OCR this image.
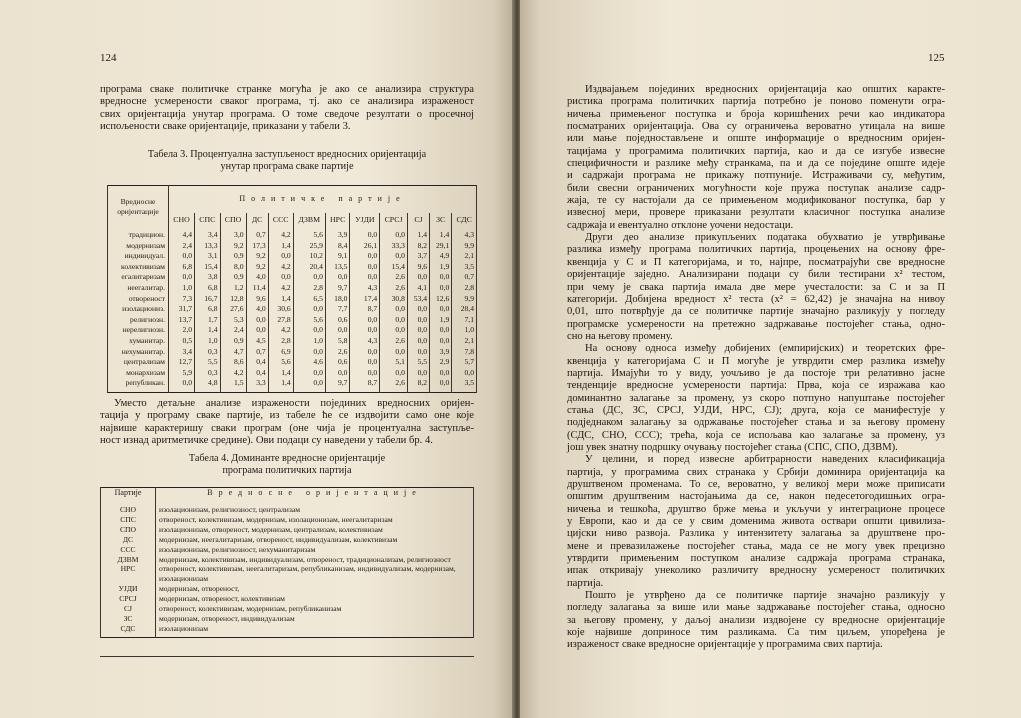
124
програма сваке политичке странке могућа је ако се анализира структура
вредносне усмерености сваког програма, тј. ако се анализира израженост
свих оријентација унутар програма. О томе сведоче резултати о просечној
испољености сваке оријентације, приказани у табели 3.
Табела 3. Процентуална заступљеност вредносних оријентација
унутар програма сваке партије
Вредносне
оријентације	Политичке партије											
	СНО	СПС	СПО	ДС	ССС	ДЗВМ	НРС	УЈДИ	СРСЈ	СЈ	ЗС	СДС
традицион.	4,4	3,4	3,0	0,7	4,2	5,6	3,9	0,0	0,0	1,4	1,4	4,3
модернизам	2,4	13,3	9,2	17,3	1,4	25,9	8,4	26,1	33,3	8,2	29,1	9,9
индивидуал.	0,0	3,1	0,9	9,2	0,0	10,2	9,1	0,0	0,0	3,7	4,9	2,1
колективизам	6,8	15,4	8,0	9,2	4,2	20,4	13,5	0,0	15,4	9,6	1,9	3,5
егалитаризам	0,0	3,8	0,9	4,0	0,0	0,0	0,0	0,0	2,6	0,0	0,0	0,7
неегалитар.	1,0	6,8	1,2	11,4	4,2	2,8	9,7	4,3	2,6	4,1	0,0	2,8
отвореност	7,3	16,7	12,8	9,6	1,4	6,5	18,0	17,4	30,8	53,4	12,6	9,9
изолациониз.	31,7	6,8	27,6	4,0	30,6	0,0	7,7	8,7	0,0	0,0	0,0	28,4
религиозн.	13,7	1,7	5,3	0,0	27,8	5,6	0,6	0,0	0,0	0,0	1,9	7,1
нерелигиозн.	2,0	1,4	2,4	0,0	4,2	0,0	0,0	0,0	0,0	0,0	0,0	1,0
хуманитар.	0,5	1,0	0,9	4,5	2,8	1,0	5,8	4,3	2,6	0,0	0,0	2,1
нехуманитар.	3,4	0,3	4,7	0,7	6,9	0,0	2,6	0,0	0,0	0,0	3,9	7,8
централизам	12,7	5,5	8,6	0,4	5,6	4,6	0,6	0,0	5,1	5,5	2,9	5,7
монархизам	5,9	0,3	4,2	0,4	1,4	0,0	0,0	0,0	0,0	0,0	0,0	0,0
републикан.	0,0	4,8	1,5	3,3	1,4	0,0	9,7	8,7	2,6	8,2	0,0	3,5
Уместо детаљне анализе изражености појединих вредносних оријен-
тација у програму сваке партије, из табеле ће се издвојити само оне које
највише карактеришу сваки програм (оне чија је процентуална заступље-
ност изнад аритметичке средине). Ови подаци су наведени у табели бр. 4.
Табела 4. Доминанте вредносне оријентације
програма политичких партија
Партије	Вредносне оријентације
СНО	изолационизам, религиозност, централизам
СПС	отвореност, колективизам, модернизам, изолационизам, неегалитаризам
СПО	изолационизам, отвореност, модернизам, централизам, колективизам
ДС	модернизам, неегалитаризам, отвореност, индивидуализам, колективизам
ССС	изолационизам, религиозност, нехуманитаризам
ДЗВМ	модернизам, колективизам, индивидуализам, отвореност, традиционализам, религиозност
НРС	отвореност, колективизам, неегалитаризам, републиканизам, индивидуализам, модернизам, изолационизам
УЈДИ	модернизам, отвореност,
СРСЈ	модернизам, отвореност, колективизам
СЈ	отвореност, колективизам, модернизам, републиканизам
ЗС	модернизам, отвореност, индивидуализам
СДС	изолационизам
125
Издвајањем појединих вредносних оријентација као општих каракте-
ристика програма политичких партија потребно је поново поменути огра-
ничења примењеног поступка и броја коришћених речи као индикатора
посматраних оријентација. Ова су ограничења вероватно утицала на више
или мање поједностављене и опште информације о вредносним оријен-
тацијама у програмима политичких партија, као и да се изгубе извесне
специфичности и разлике међу странкама, па и да се поједине опште идеје
и садржаји програма не прикажу потпуније. Истраживачи су, међутим,
били свесни ограничених могућности које пружа поступак анализе садр-
жаја, те су настојали да се примењеном модификованог поступка, бар у
извесној мери, провере приказани резултати класичног поступка анализе
садржаја и евентуално отклоне уочени недостаци.
Други део анализе прикупљених података обухватио је утврђивање
разлика између програма политичких партија, процењених на основу фре-
квенција у С и П категоријама, и то, најпре, посматрајући све вредносне
оријентације заједно. Анализирани подаци су били тестирани x² тестом,
при чему је свака партија имала две мере учесталости: за С и за П
категорији. Добијена вредност x² теста (x² = 62,42) је значајна на нивоу
0,01, што потврђује да се политичке партије значајно разликују у погледу
програмске усмерености на претежно задржавање постојећег стања, одно-
сно на његову промену.
На основу односа између добијених (емпиријских) и теоретских фре-
квенција у категоријама С и П могуће је утврдити смер разлика између
партија. Имајући то у виду, уочљиво је да постоје три релативно јасне
тенденције вредносне усмерености партија: Прва, која се изражава као
доминантно залагање за промену, уз скоро потпуно напуштање постојећег
стања (ДС, ЗС, СРСЈ, УЈДИ, НРС, СЈ); друга, која се манифестује у
подједнаком залагању за одржавање постојећег стања и за његову промену
(СДС, СНО, ССС); трећа, која се испољава као залагање за промену, уз
још увек знатну подршку очувању постојећег стања (СПС, СПО, ДЗВМ).
У целини, и поред извесне арбитрарности наведених класификација
партија, у програмима свих странака у Србији доминира оријентација ка
друштвеном променама. То се, вероватно, у великој мери може приписати
општим друштвеним настојањима да се, након педесетогодишњих огра-
ничења и тешкоћа, друштво брже мења и укључи у интеграционе процесе
у Европи, као и да се у свим доменима живота оствари општи цивилиза-
цијски ниво развоја. Разлика у интензитету залагања за друштвене про-
мене и превазилажење постојећег стања, мада се не могу увек прецизно
утврдити примењеним поступком анализе садржаја програма странака,
ипак откривају унеколико различиту вредносну усмереност политичких
партија.
Пошто је утврђено да се политичке партије значајно разликују у
погледу залагања за више или мање задржавање постојећег стања, односно
за његову промену, у даљој анализи издвојене су вредносне оријентације
које највише доприносе тим разликама. Са тим циљем, упоређена је
израженост сваке вредносне оријентације у програмима свих партија.
